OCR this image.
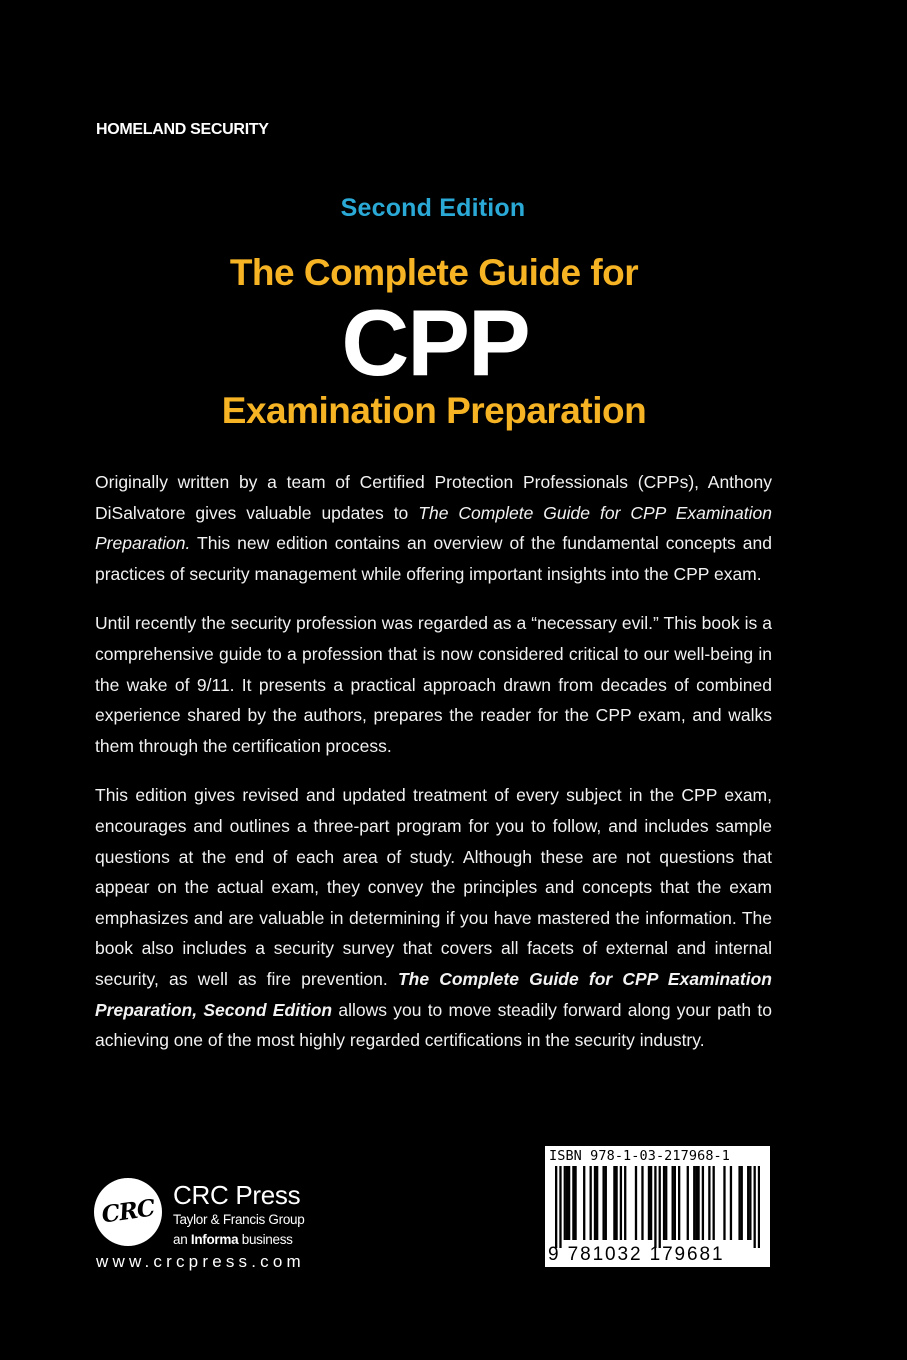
HOMELAND SECURITY
Second Edition
The Complete Guide for
CPP
Examination Preparation

Originally written by a team of Certified Protection Professionals (CPPs), Anthony DiSalvatore gives valuable updates to The Complete Guide for CPP Examination Preparation. This new edition contains an overview of the fundamental concepts and practices of security management while offering important insights into the CPP exam.

Until recently the security profession was regarded as a “necessary evil.” This book is a comprehensive guide to a profession that is now considered critical to our well-being in the wake of 9/11. It presents a practical approach drawn from decades of combined experience shared by the authors, prepares the reader for the CPP exam, and walks them through the certification process.

This edition gives revised and updated treatment of every subject in the CPP exam, encourages and outlines a three-part program for you to follow, and includes sample questions at the end of each area of study. Although these are not questions that appear on the actual exam, they convey the principles and concepts that the exam emphasizes and are valuable in determining if you have mastered the information. The book also includes a security survey that covers all facets of external and internal security, as well as fire prevention. The Complete Guide for CPP Examination Preparation, Second Edition allows you to move steadily forward along your path to achieving one of the most highly regarded certifications in the security industry.

CRC CRC Press
Taylor & Francis Group
an Informa business
www.crcpress.com
ISBN 978-1-03-217968-1
9 781032 179681
